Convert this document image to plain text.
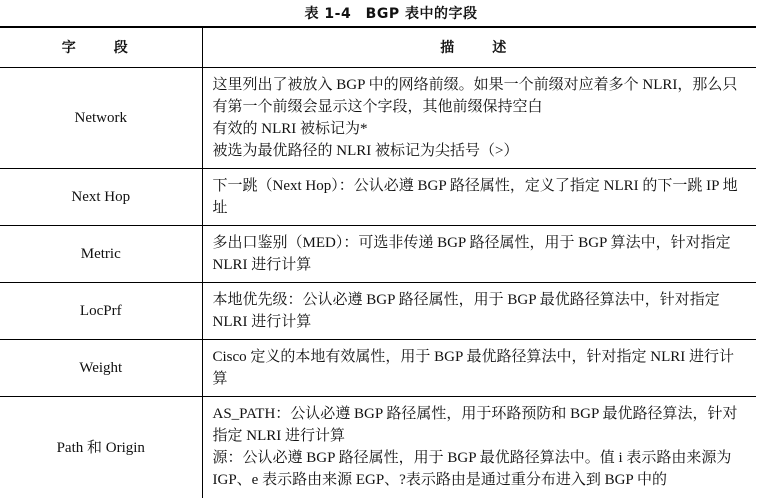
表 1-4　BGP 表中的字段
字　段	描　述
Network	这里列出了被放入 BGP 中的网络前缀。如果一个前缀对应着多个 NLRI，那么只有第一个前缀会显示这个字段，其他前缀保持空白

有效的 NLRI 被标记为*

被选为最优路径的 NLRI 被标记为尖括号（>）

Next Hop	下一跳（Next Hop）：公认必遵 BGP 路径属性，定义了指定 NLRI 的下一跳 IP 地址

Metric	多出口鉴别（MED）：可选非传递 BGP 路径属性，用于 BGP 算法中，针对指定 NLRI 进行计算

LocPrf	本地优先级：公认必遵 BGP 路径属性，用于 BGP 最优路径算法中，针对指定 NLRI 进行计算

Weight	Cisco 定义的本地有效属性，用于 BGP 最优路径算法中，针对指定 NLRI 进行计算

Path 和 Origin	AS_PATH：公认必遵 BGP 路径属性，用于环路预防和 BGP 最优路径算法，针对指定 NLRI 进行计算

源：公认必遵 BGP 路径属性，用于 BGP 最优路径算法中。值 i 表示路由来源为 IGP、e 表示路由来源 EGP、?表示路由是通过重分布进入到 BGP 中的
